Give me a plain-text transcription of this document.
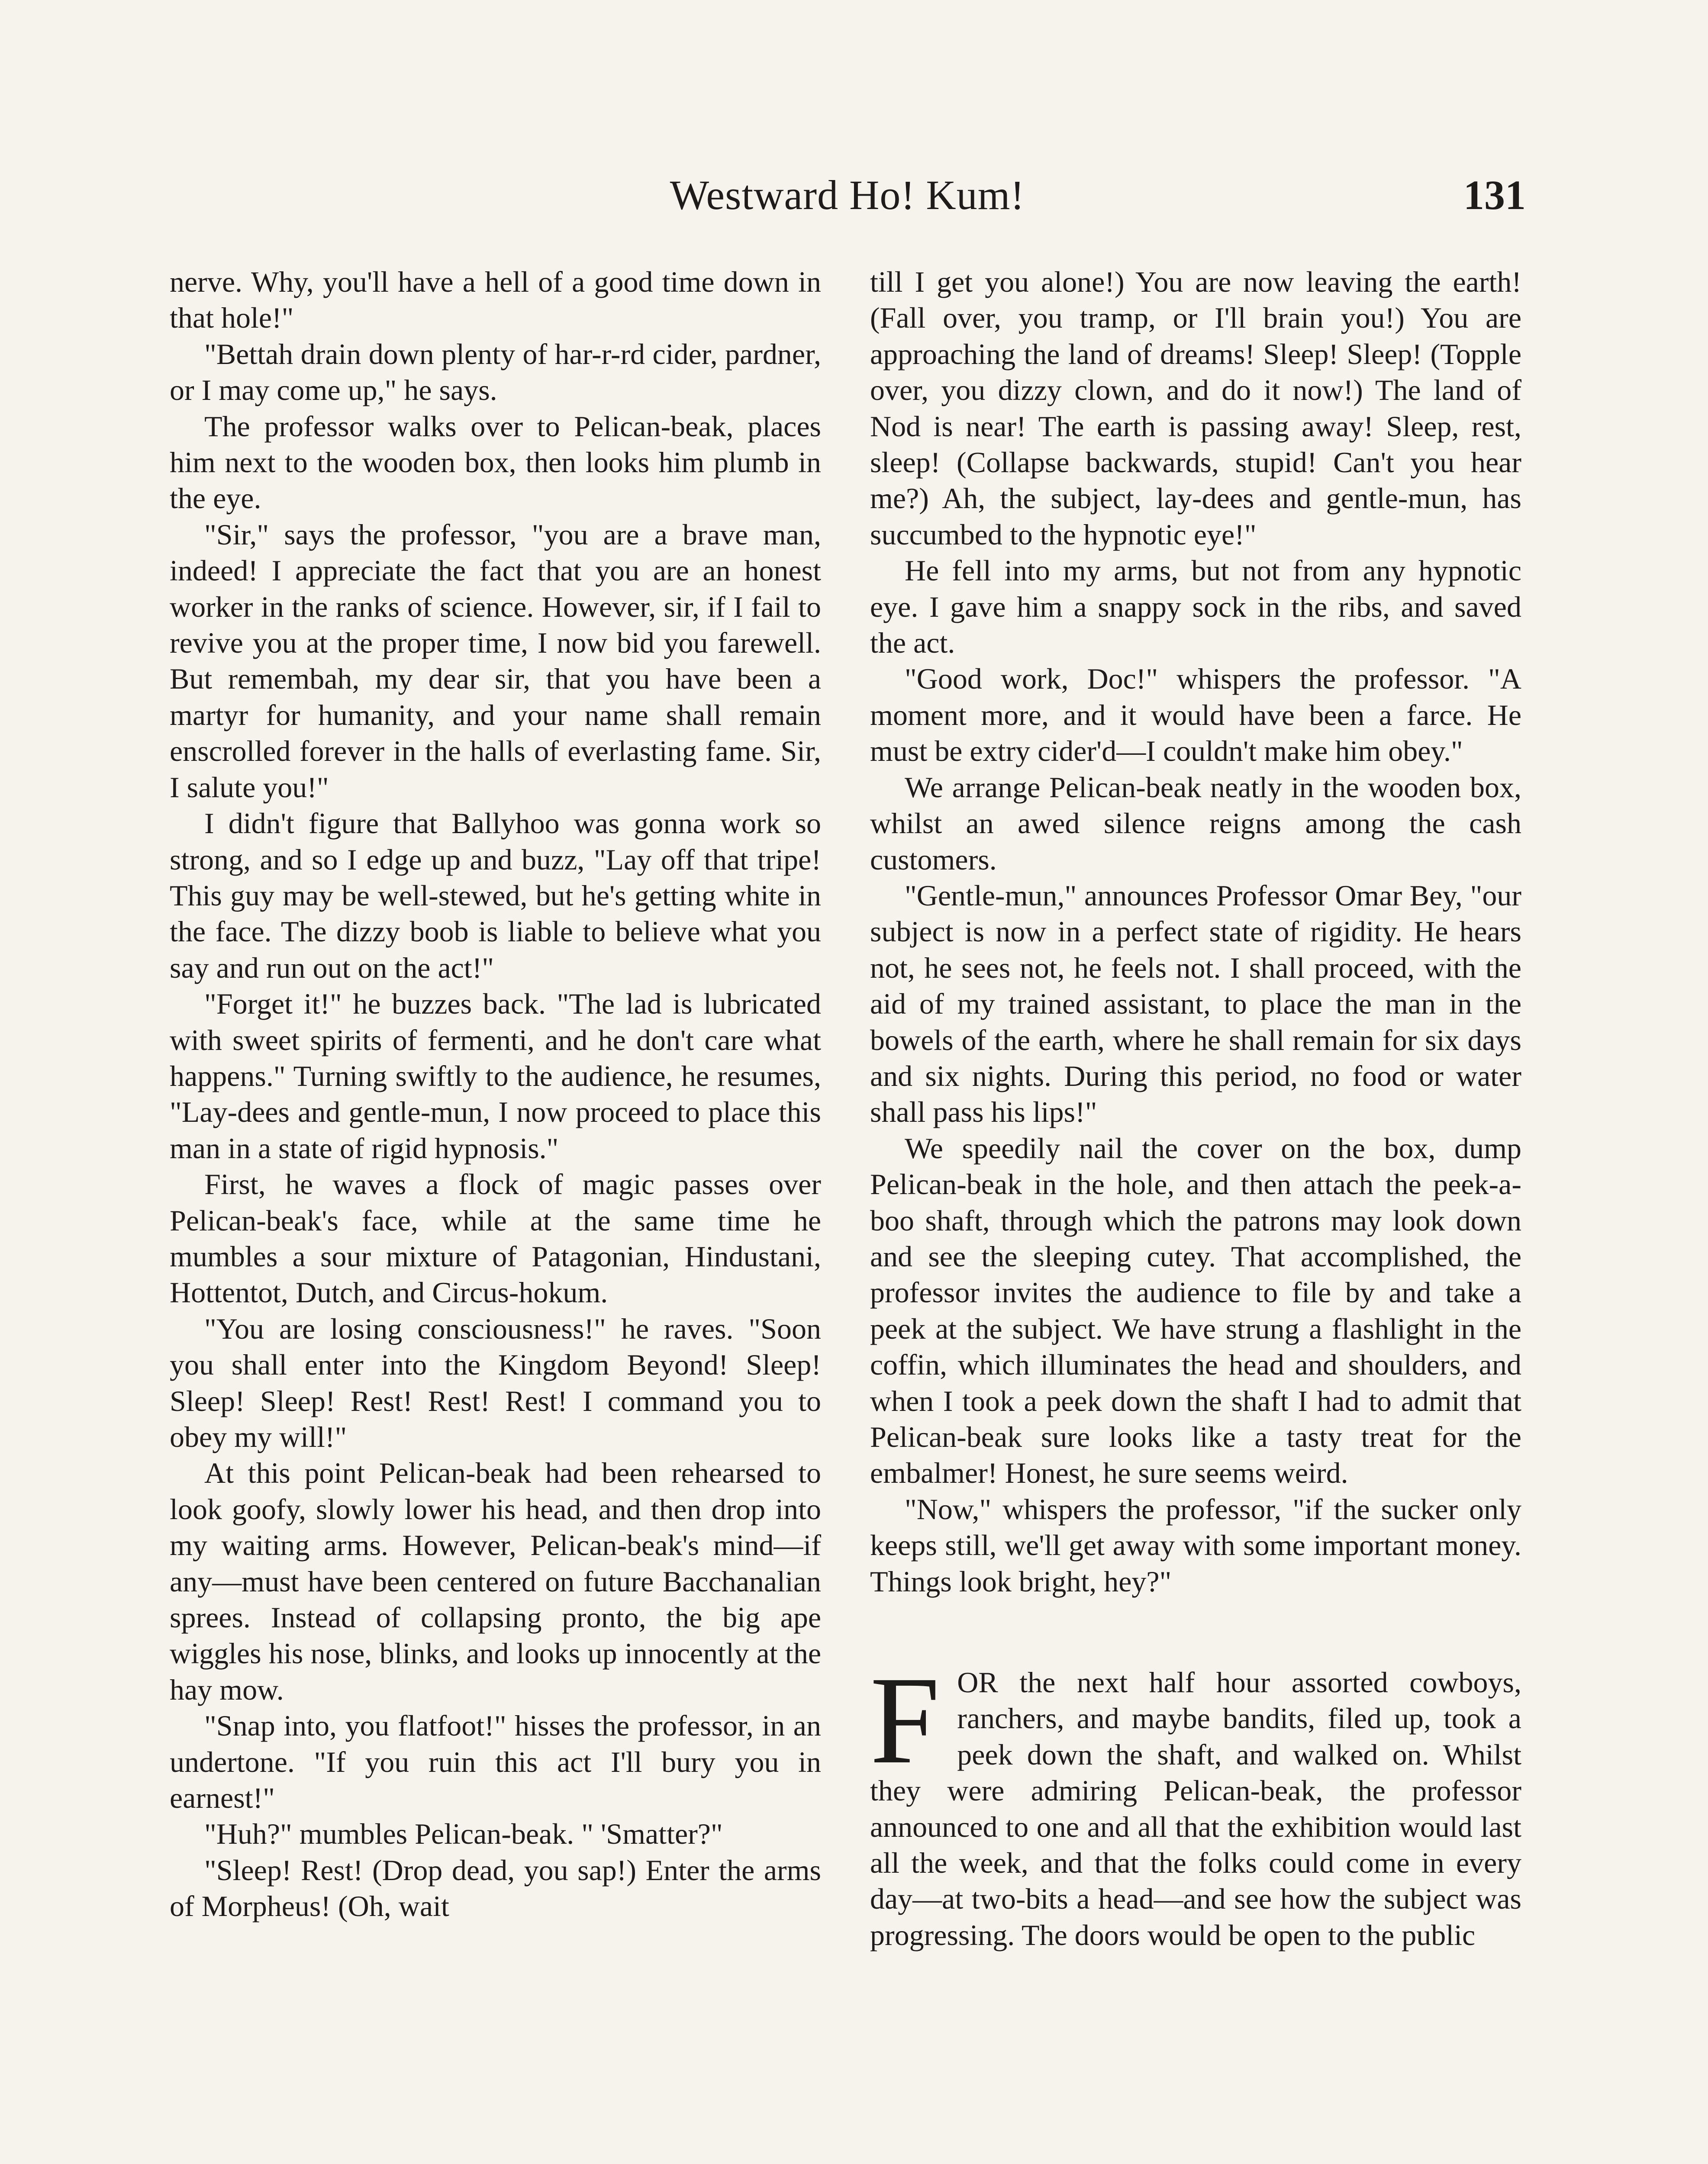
Westward Ho! Kum!	131

nerve. Why, you'll have a hell of a good time down in that hole!"

"Bettah drain down plenty of har-r-rd cider, pardner, or I may come up," he says.

The professor walks over to Pelican-beak, places him next to the wooden box, then looks him plumb in the eye.

"Sir," says the professor, "you are a brave man, indeed! I appreciate the fact that you are an honest worker in the ranks of science. However, sir, if I fail to revive you at the proper time, I now bid you farewell. But remembah, my dear sir, that you have been a martyr for humanity, and your name shall remain enscrolled forever in the halls of everlasting fame. Sir, I salute you!"

I didn't figure that Ballyhoo was gonna work so strong, and so I edge up and buzz, "Lay off that tripe! This guy may be well-stewed, but he's getting white in the face. The dizzy boob is liable to believe what you say and run out on the act!"

"Forget it!" he buzzes back. "The lad is lubricated with sweet spirits of fermenti, and he don't care what happens." Turning swiftly to the audience, he resumes, "Lay-dees and gentle-mun, I now proceed to place this man in a state of rigid hypnosis."

First, he waves a flock of magic passes over Pelican-beak's face, while at the same time he mumbles a sour mixture of Patagonian, Hindustani, Hottentot, Dutch, and Circus-hokum.

"You are losing consciousness!" he raves. "Soon you shall enter into the Kingdom Beyond! Sleep! Sleep! Sleep! Rest! Rest! Rest! I command you to obey my will!"

At this point Pelican-beak had been rehearsed to look goofy, slowly lower his head, and then drop into my waiting arms. However, Pelican-beak's mind—if any—must have been centered on future Bacchanalian sprees. Instead of collapsing pronto, the big ape wiggles his nose, blinks, and looks up innocently at the hay mow.

"Snap into, you flatfoot!" hisses the professor, in an undertone. "If you ruin this act I'll bury you in earnest!"

"Huh?" mumbles Pelican-beak. " 'Smatter?"

"Sleep! Rest! (Drop dead, you sap!) Enter the arms of Morpheus! (Oh, wait

till I get you alone!) You are now leaving the earth! (Fall over, you tramp, or I'll brain you!) You are approaching the land of dreams! Sleep! Sleep! (Topple over, you dizzy clown, and do it now!) The land of Nod is near! The earth is passing away! Sleep, rest, sleep! (Collapse backwards, stupid! Can't you hear me?) Ah, the subject, lay-dees and gentle-mun, has succumbed to the hypnotic eye!"

He fell into my arms, but not from any hypnotic eye. I gave him a snappy sock in the ribs, and saved the act.

"Good work, Doc!" whispers the professor. "A moment more, and it would have been a farce. He must be extry cider'd—I couldn't make him obey."

We arrange Pelican-beak neatly in the wooden box, whilst an awed silence reigns among the cash customers.

"Gentle-mun," announces Professor Omar Bey, "our subject is now in a perfect state of rigidity. He hears not, he sees not, he feels not. I shall proceed, with the aid of my trained assistant, to place the man in the bowels of the earth, where he shall remain for six days and six nights. During this period, no food or water shall pass his lips!"

We speedily nail the cover on the box, dump Pelican-beak in the hole, and then attach the peek-a-boo shaft, through which the patrons may look down and see the sleeping cutey. That accomplished, the professor invites the audience to file by and take a peek at the subject. We have strung a flashlight in the coffin, which illuminates the head and shoulders, and when I took a peek down the shaft I had to admit that Pelican-beak sure looks like a tasty treat for the embalmer! Honest, he sure seems weird.

"Now," whispers the professor, "if the sucker only keeps still, we'll get away with some important money. Things look bright, hey?"

FOR the next half hour assorted cowboys, ranchers, and maybe bandits, filed up, took a peek down the shaft, and walked on. Whilst they were admiring Pelican-beak, the professor announced to one and all that the exhibition would last all the week, and that the folks could come in every day—at two-bits a head—and see how the subject was progressing. The doors would be open to the public
